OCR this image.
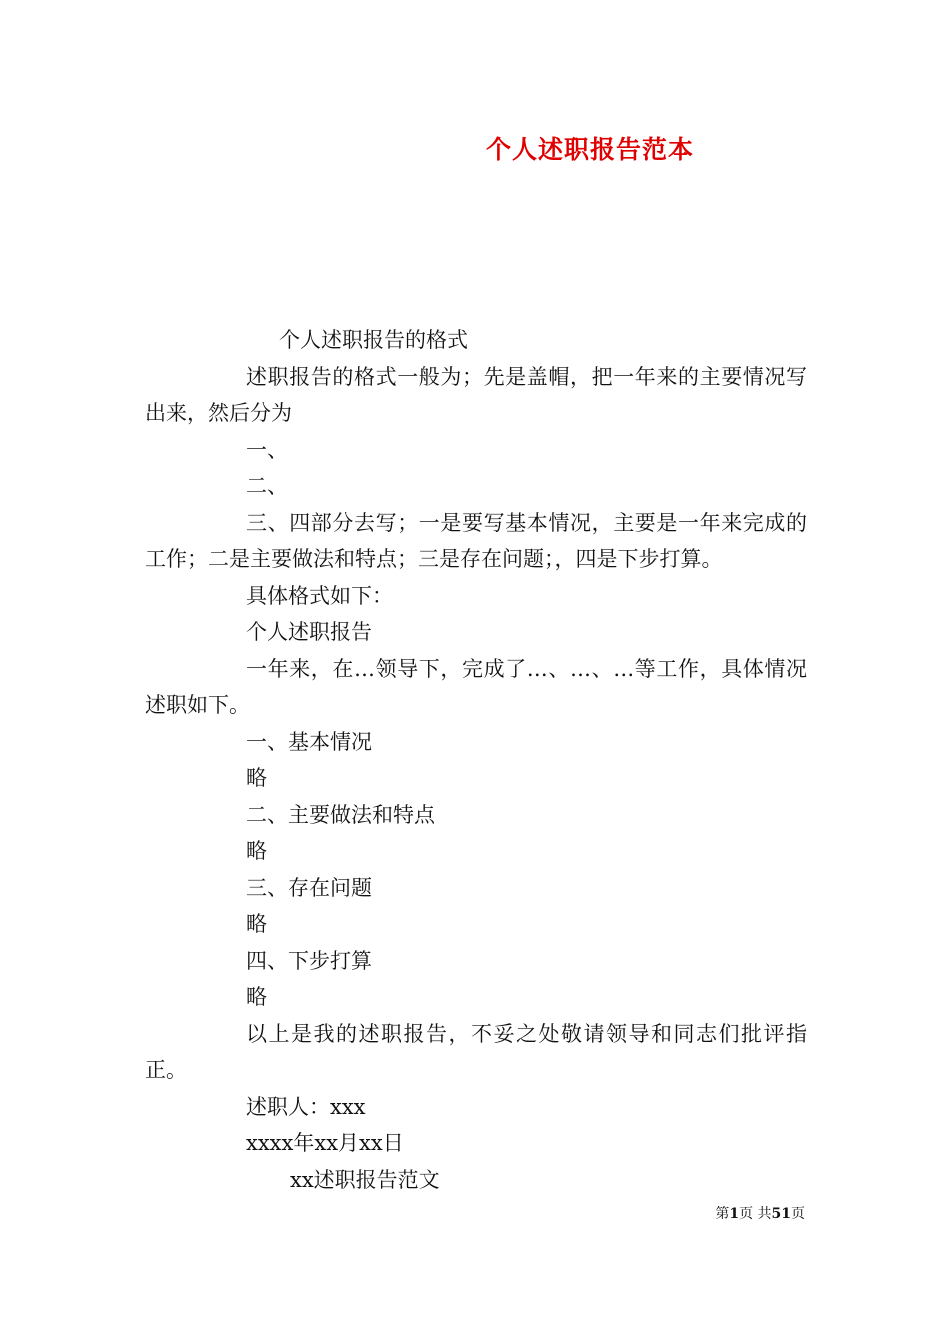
个人述职报告范本

个人述职报告的格式

述职报告的格式一般为；先是盖帽，把一年来的主要情况写出来，然后分为

一、

二、

三、四部分去写；一是要写基本情况，主要是一年来完成的工作；二是主要做法和特点；三是存在问题；，四是下步打算。

具体格式如下：

个人述职报告

一年来，在…领导下，完成了…、…、…等工作，具体情况述职如下。

一、基本情况

略

二、主要做法和特点

略

三、存在问题

略

四、下步打算

略

以上是我的述职报告，不妥之处敬请领导和同志们批评指正。

述职人：xxx

xxxx年xx月xx日

xx述职报告范文

第1页 共51页
